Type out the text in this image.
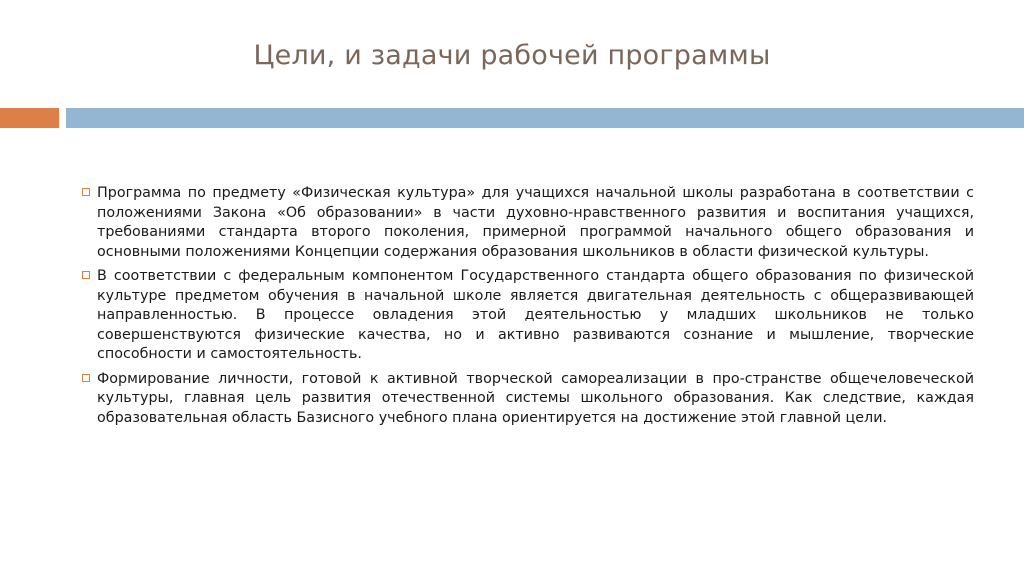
Цели, и задачи рабочей программы
Программа по предмету «Физическая культура» для учащихся начальной школы разработана в соответствии с положениями Закона «Об образовании» в части духовно-нравственного развития и воспитания учащихся, требованиями стандарта второго поколения, примерной программой начального общего образования и основными положениями Концепции содержания образования школьников в области физической культуры.
В соответствии с федеральным компонентом Государственного стандарта общего образования по физической культуре предметом обучения в начальной школе является двигательная деятельность с общеразвивающей направленностью. В процессе овладения этой деятельностью у младших школьников не только совершенствуются физические качества, но и активно развиваются сознание и мышление, творческие способности и самостоятельность.
Формирование личности, готовой к активной творческой самореализации в про-странстве общечеловеческой культуры, главная цель развития отечественной системы школьного образования. Как следствие, каждая образовательная область Базисного учебного плана ориентируется на достижение этой главной цели.
